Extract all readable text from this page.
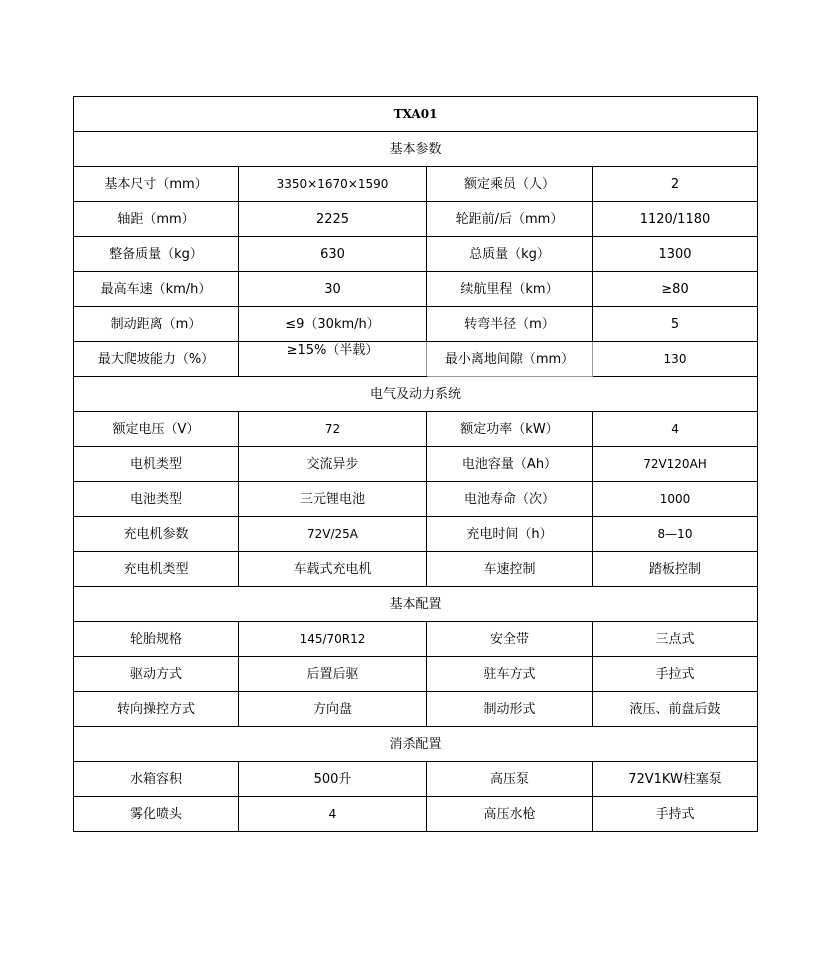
TXA01			
基本参数			
基本尺寸（mm）	3350×1670×1590	额定乘员（人）	2
轴距（mm）	2225	轮距前/后（mm）	1120/1180
整备质量（kg）	630	总质量（kg）	1300
最高车速（km/h）	30	续航里程（km）	≥80
制动距离（m）	≤9（30km/h）	转弯半径（m）	5
最大爬坡能力（%）	≥15%（半载）	最小离地间隙（mm）	130
电气及动力系统			
额定电压（V）	72	额定功率（kW）	4
电机类型	交流异步	电池容量（Ah）	72V120AH
电池类型	三元锂电池	电池寿命（次）	1000
充电机参数	72V/25A	充电时间（h）	8—10
充电机类型	车载式充电机	车速控制	踏板控制
基本配置			
轮胎规格	145/70R12	安全带	三点式
驱动方式	后置后驱	驻车方式	手拉式
转向操控方式	方向盘	制动形式	液压、前盘后鼓
消杀配置			
水箱容积	500升	高压泵	72V1KW柱塞泵
雾化喷头	4	高压水枪	手持式
